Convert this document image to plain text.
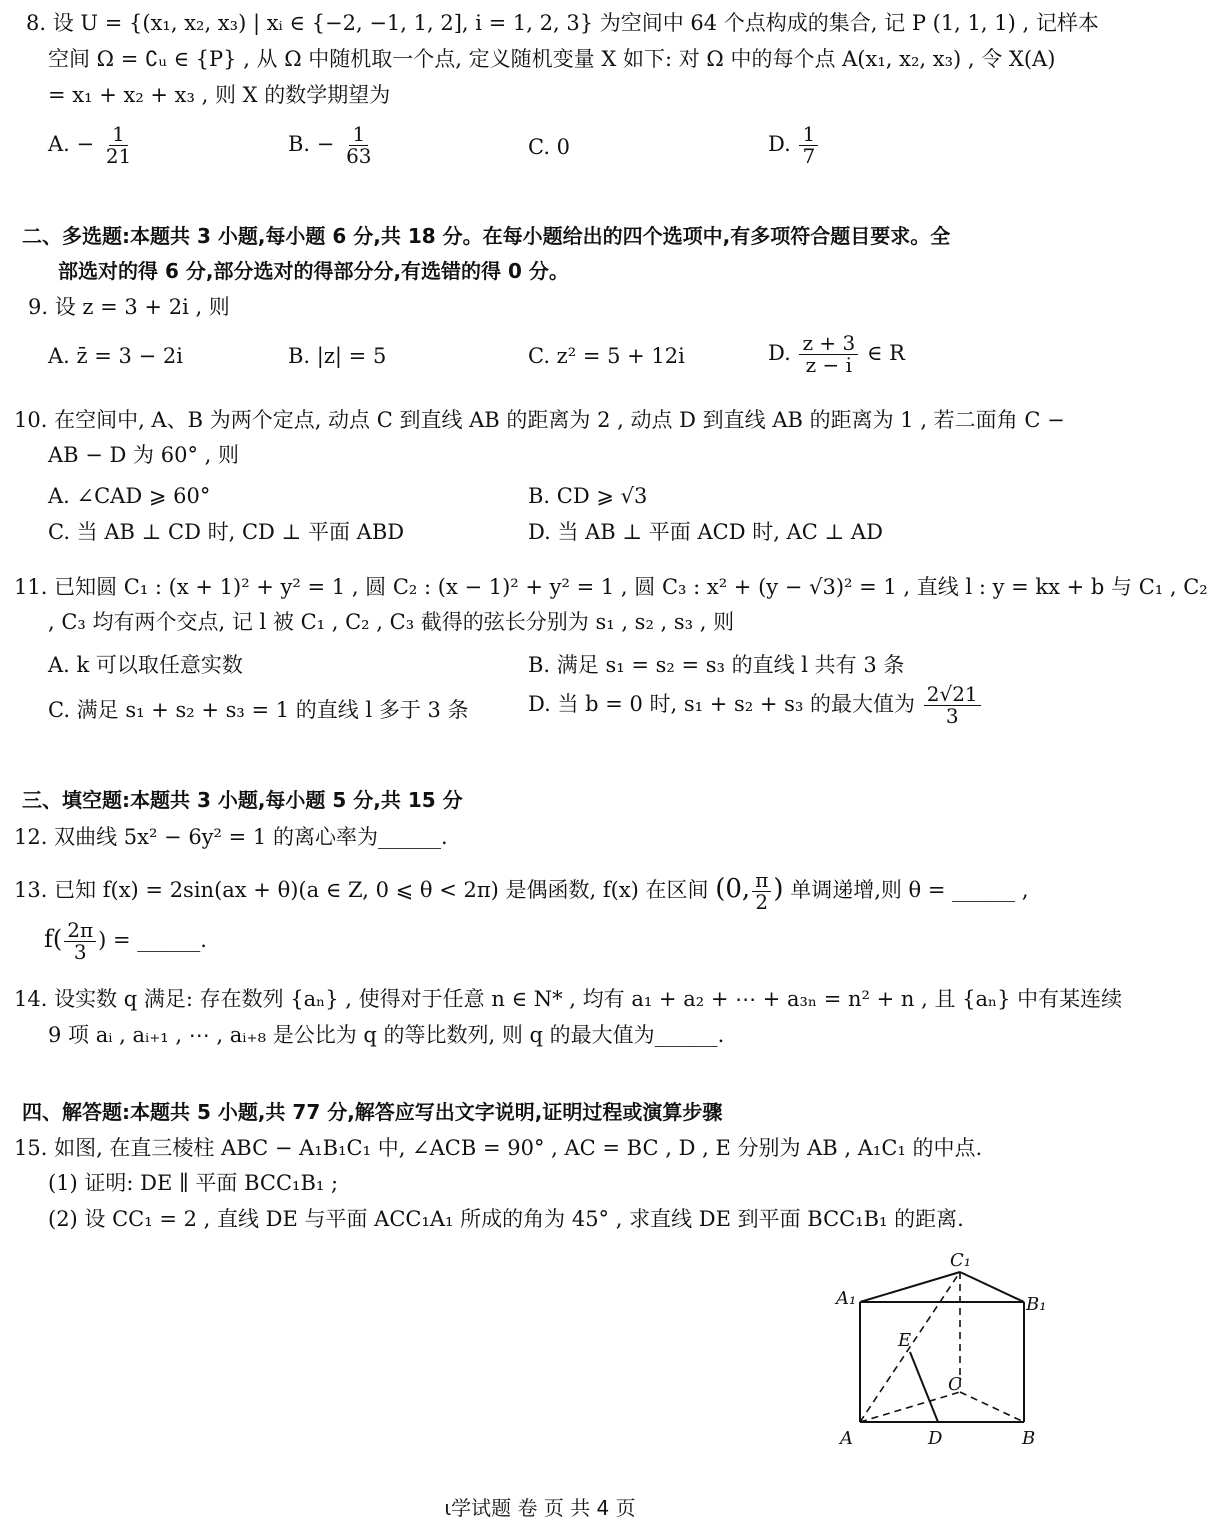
8. 设 U = {(x₁, x₂, x₃) | xᵢ ∈ {−2, −1, 1, 2], i = 1, 2, 3} 为空间中 64 个点构成的集合, 记 P (1, 1, 1) , 记样本
空间 Ω = ∁ᵤ ∈ {P} , 从 Ω 中随机取一个点, 定义随机变量 X 如下: 对 Ω 中的每个点 A(x₁, x₂, x₃) , 令 X(A)
= x₁ + x₂ + x₃ , 则 X 的数学期望为
A. − $\frac{1}{21}$	B. − $\frac{1}{63}$	C. 0	D. $\frac{1}{7}$
二、多选题:本题共 3 小题,每小题 6 分,共 18 分。在每小题给出的四个选项中,有多项符合题目要求。全
部选对的得 6 分,部分选对的得部分分,有选错的得 0 分。
9. 设 z = 3 + 2i , 则
A. z̄ = 3 − 2i	B. |z| = 5	C. z² = 5 + 12i	D. $\frac{z + 3}{z - i}$ ∈ R
10. 在空间中, A、B 为两个定点, 动点 C 到直线 AB 的距离为 2 , 动点 D 到直线 AB 的距离为 1 , 若二面角 C −
AB − D 为 60° , 则
A. ∠CAD ⩾ 60°	B. CD ⩾ √3
C. 当 AB ⊥ CD 时, CD ⊥ 平面 ABD	D. 当 AB ⊥ 平面 ACD 时, AC ⊥ AD
11. 已知圆 C₁ : (x + 1)² + y² = 1 , 圆 C₂ : (x − 1)² + y² = 1 , 圆 C₃ : x² + (y − √3)² = 1 , 直线 l : y = kx + b 与 C₁ , C₂
, C₃ 均有两个交点, 记 l 被 C₁ , C₂ , C₃ 截得的弦长分别为 s₁ , s₂ , s₃ , 则
A. k 可以取任意实数	B. 满足 s₁ = s₂ = s₃ 的直线 l 共有 3 条
C. 满足 s₁ + s₂ + s₃ = 1 的直线 l 多于 3 条	D. 当 b = 0 时, s₁ + s₂ + s₃ 的最大值为 $\frac{2√21}{3}$
三、填空题:本题共 3 小题,每小题 5 分,共 15 分
12. 双曲线 5x² − 6y² = 1 的离心率为______.
13. 已知 f(x) = 2sin(ax + θ)(a ∈ Z, 0 ⩽ θ < 2π) 是偶函数, f(x) 在区间 (0, $\frac{\pi}{2}$ ) 单调递增,则 θ = ______ ,
$f( \frac{2\pi}{3}$ ) = ______.
14. 设实数 q 满足: 存在数列 {aₙ} , 使得对于任意 n ∈ N* , 均有 a₁ + a₂ + ⋯ + a₃ₙ = n² + n , 且 {aₙ} 中有某连续
9 项 aᵢ , aᵢ₊₁ , ⋯ , aᵢ₊₈ 是公比为 q 的等比数列, 则 q 的最大值为______.
四、解答题:本题共 5 小题,共 77 分,解答应写出文字说明,证明过程或演算步骤
15. 如图, 在直三棱柱 ABC − A₁B₁C₁ 中, ∠ACB = 90° , AC = BC , D , E 分别为 AB , A₁C₁ 的中点.
(1) 证明: DE ∥ 平面 BCC₁B₁ ;
(2) 设 CC₁ = 2 , 直线 DE 与平面 ACC₁A₁ 所成的角为 45° , 求直线 DE 到平面 BCC₁B₁ 的距离.
C₁
A₁	B₁
E
C
A	D	B
ɩ学试题 卷 页 共 4 页
